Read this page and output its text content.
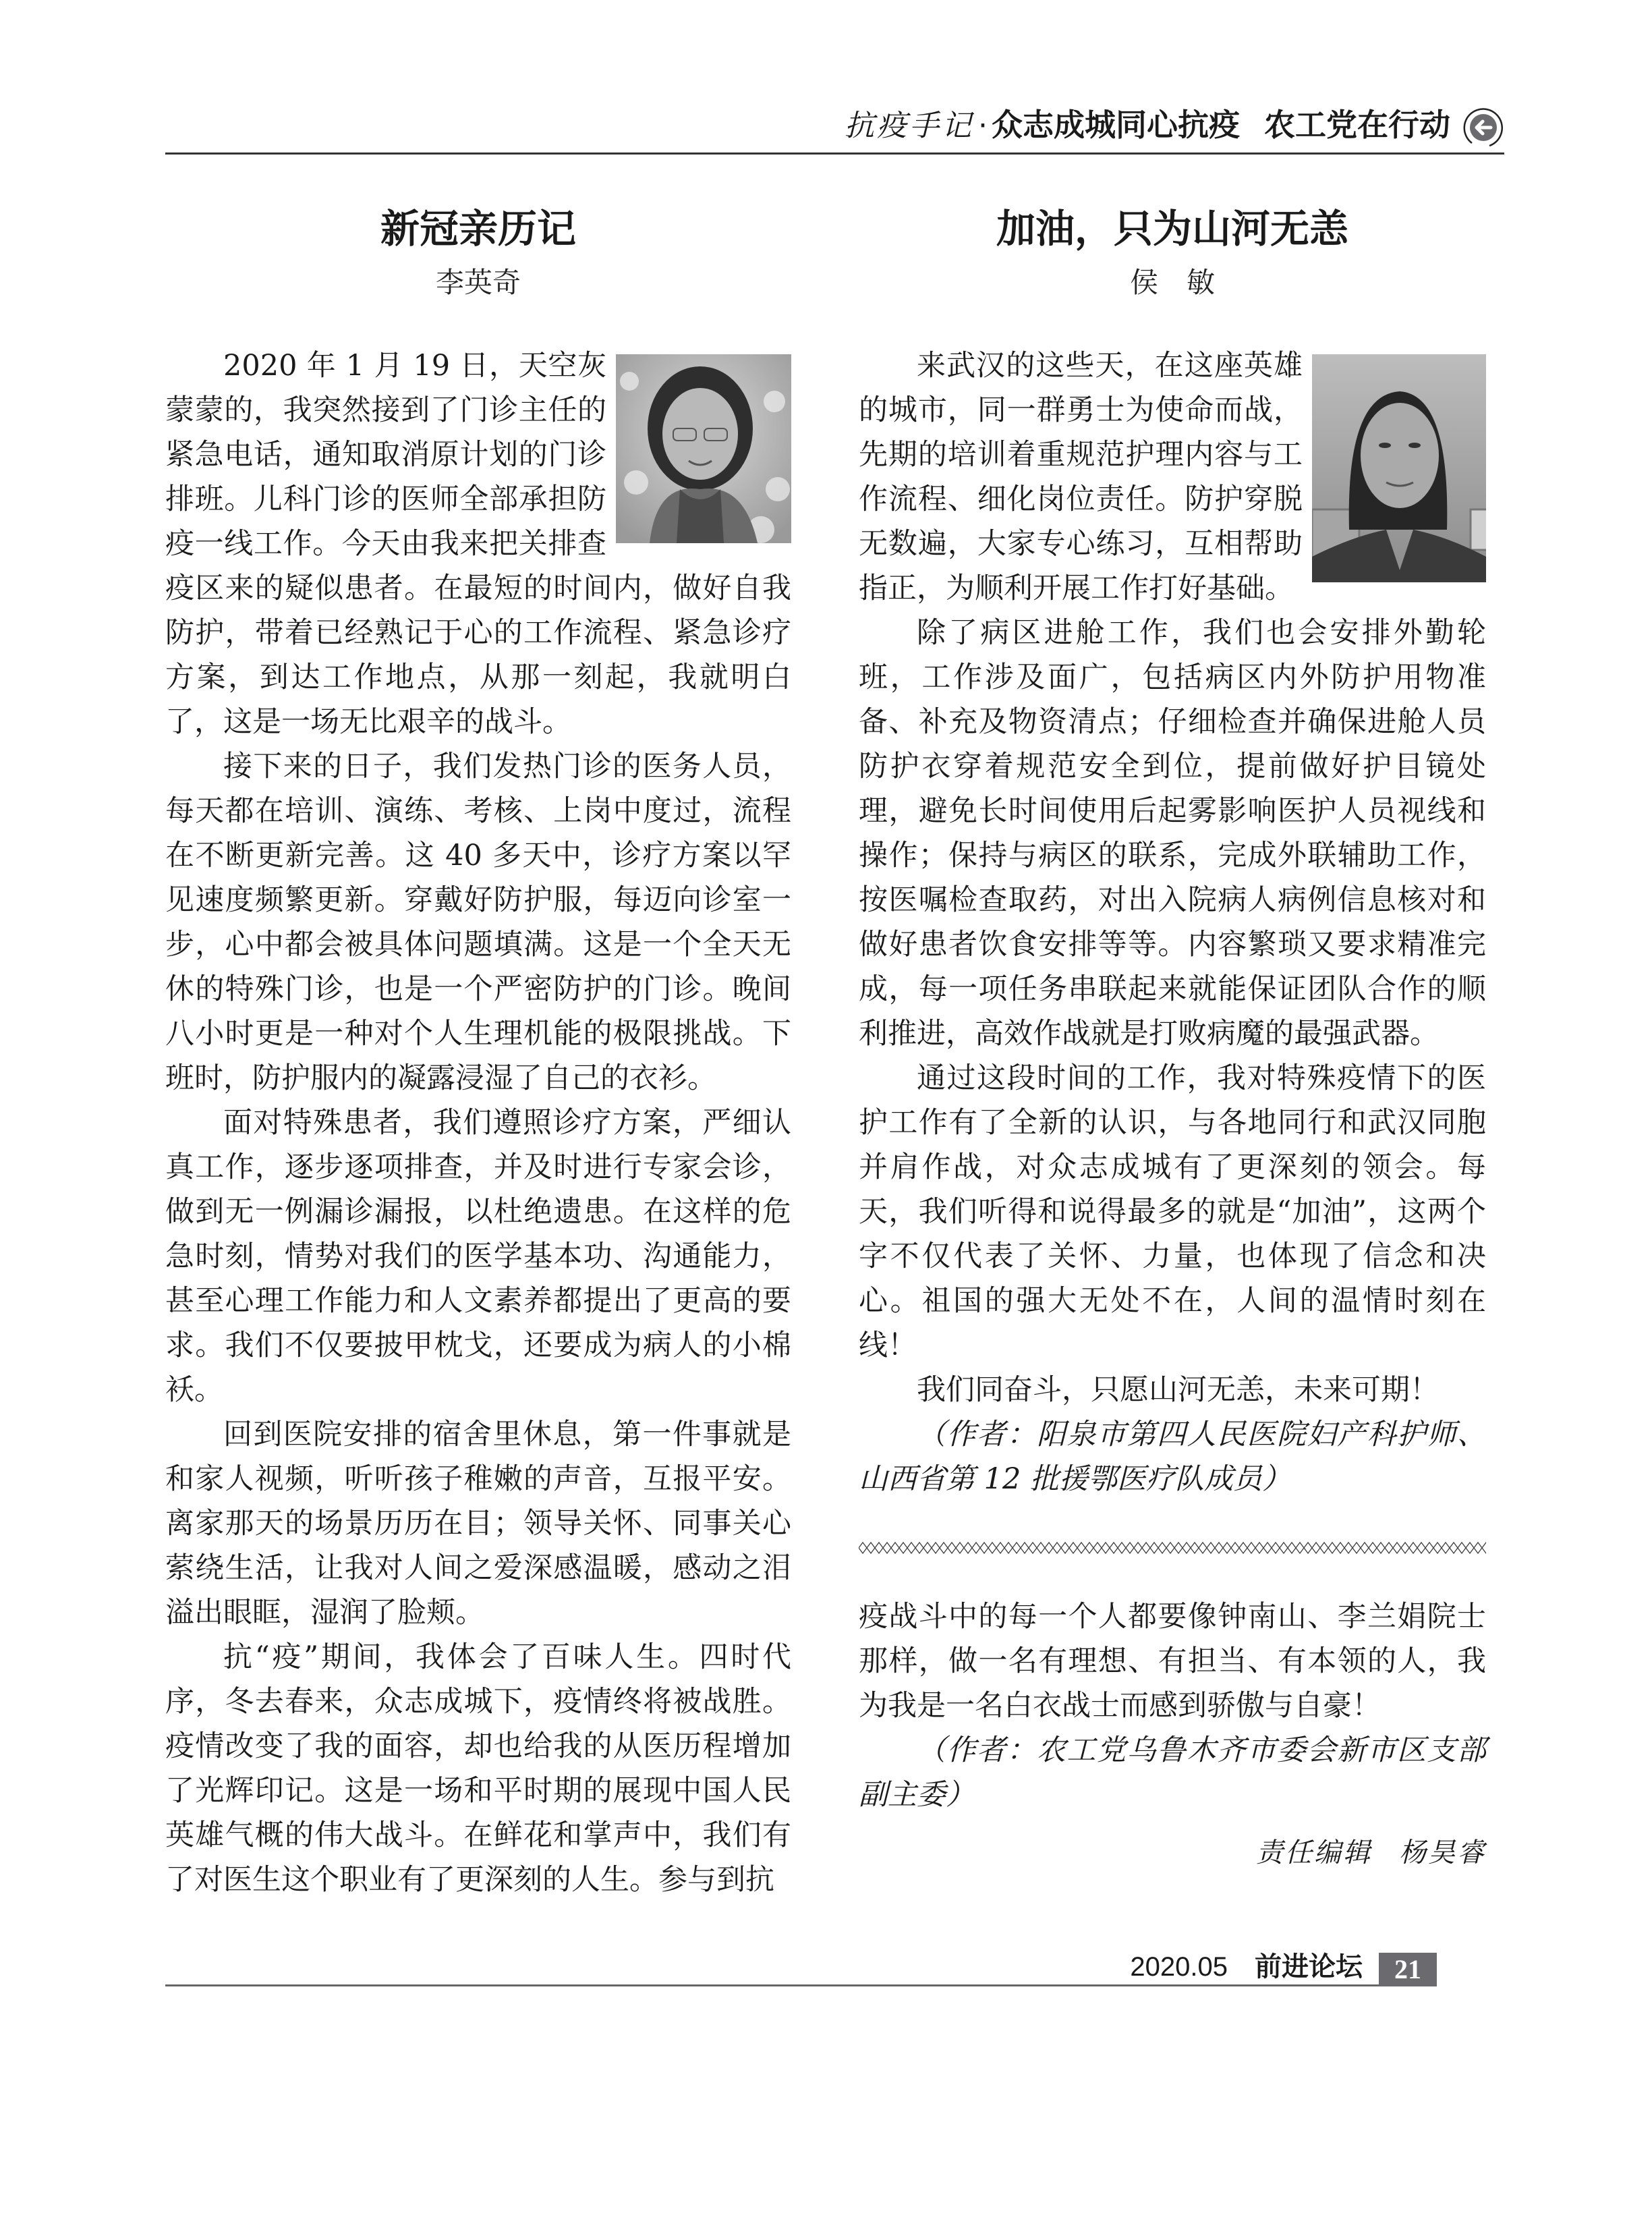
抗疫手记 · 众志成城同心抗疫 农工党在行动
新冠亲历记
李英奇

2020 年 1 月 19 日，天空灰蒙蒙的，我突然接到了门诊主任的紧急电话，通知取消原计划的门诊排班。儿科门诊的医师全部承担防疫一线工作。今天由我来把关排查疫区来的疑似患者。在最短的时间内，做好自我防护，带着已经熟记于心的工作流程、紧急诊疗方案，到达工作地点，从那一刻起，我就明白了，这是一场无比艰辛的战斗。

接下来的日子，我们发热门诊的医务人员，每天都在培训、演练、考核、上岗中度过，流程在不断更新完善。这 40 多天中，诊疗方案以罕见速度频繁更新。穿戴好防护服，每迈向诊室一步，心中都会被具体问题填满。这是一个全天无休的特殊门诊，也是一个严密防护的门诊。晚间八小时更是一种对个人生理机能的极限挑战。下班时，防护服内的凝露浸湿了自己的衣衫。

面对特殊患者，我们遵照诊疗方案，严细认真工作，逐步逐项排查，并及时进行专家会诊，做到无一例漏诊漏报，以杜绝遗患。在这样的危急时刻，情势对我们的医学基本功、沟通能力，甚至心理工作能力和人文素养都提出了更高的要求。我们不仅要披甲枕戈，还要成为病人的小棉袄。

回到医院安排的宿舍里休息，第一件事就是和家人视频，听听孩子稚嫩的声音，互报平安。离家那天的场景历历在目；领导关怀、同事关心萦绕生活，让我对人间之爱深感温暖，感动之泪溢出眼眶，湿润了脸颊。

抗“疫”期间，我体会了百味人生。四时代序，冬去春来，众志成城下，疫情终将被战胜。疫情改变了我的面容，却也给我的从医历程增加了光辉印记。这是一场和平时期的展现中国人民英雄气概的伟大战斗。在鲜花和掌声中，我们有了对医生这个职业有了更深刻的人生。参与到抗

加油，只为山河无恙
侯　敏

来武汉的这些天，在这座英雄的城市，同一群勇士为使命而战，先期的培训着重规范护理内容与工作流程、细化岗位责任。防护穿脱无数遍，大家专心练习，互相帮助指正，为顺利开展工作打好基础。

除了病区进舱工作，我们也会安排外勤轮班，工作涉及面广，包括病区内外防护用物准备、补充及物资清点；仔细检查并确保进舱人员防护衣穿着规范安全到位，提前做好护目镜处理，避免长时间使用后起雾影响医护人员视线和操作；保持与病区的联系，完成外联辅助工作，按医嘱检查取药，对出入院病人病例信息核对和做好患者饮食安排等等。内容繁琐又要求精准完成，每一项任务串联起来就能保证团队合作的顺利推进，高效作战就是打败病魔的最强武器。

通过这段时间的工作，我对特殊疫情下的医护工作有了全新的认识，与各地同行和武汉同胞并肩作战，对众志成城有了更深刻的领会。每天，我们听得和说得最多的就是“加油”，这两个字不仅代表了关怀、力量，也体现了信念和决心。祖国的强大无处不在，人间的温情时刻在线！

我们同奋斗，只愿山河无恙，未来可期！

（作者：阳泉市第四人民医院妇产科护师、山西省第 12 批援鄂医疗队成员）

疫战斗中的每一个人都要像钟南山、李兰娟院士那样，做一名有理想、有担当、有本领的人，我为我是一名白衣战士而感到骄傲与自豪！

（作者：农工党乌鲁木齐市委会新市区支部副主委）

责任编辑 杨昊睿
2020.05 前进论坛	21
